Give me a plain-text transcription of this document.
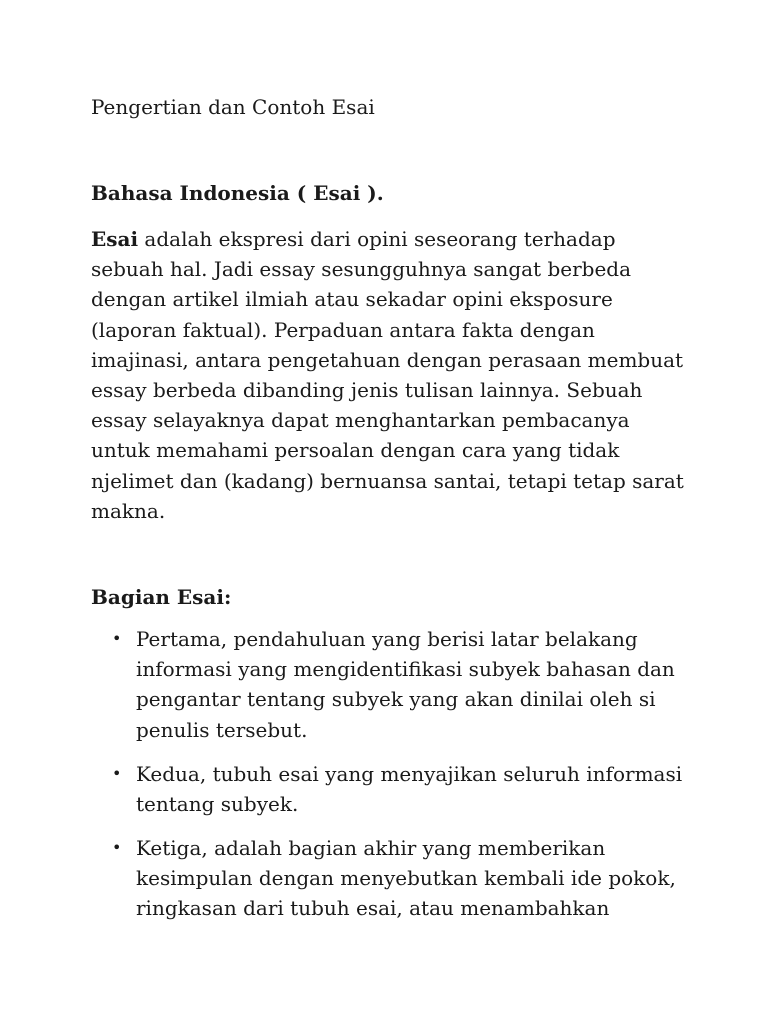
Pengertian dan Contoh Esai
Bahasa Indonesia ( Esai ).
Esai adalah ekspresi dari opini seseorang terhadap
sebuah hal. Jadi essay sesungguhnya sangat berbeda
dengan artikel ilmiah atau sekadar opini eksposure
(laporan faktual). Perpaduan antara fakta dengan
imajinasi, antara pengetahuan dengan perasaan membuat
essay berbeda dibanding jenis tulisan lainnya. Sebuah
essay selayaknya dapat menghantarkan pembacanya
untuk memahami persoalan dengan cara yang tidak
njelimet dan (kadang) bernuansa santai, tetapi tetap sarat
makna.
Bagian Esai:
• Pertama, pendahuluan yang berisi latar belakang
informasi yang mengidentifikasi subyek bahasan dan
pengantar tentang subyek yang akan dinilai oleh si
penulis tersebut.
• Kedua, tubuh esai yang menyajikan seluruh informasi
tentang subyek.
• Ketiga, adalah bagian akhir yang memberikan
kesimpulan dengan menyebutkan kembali ide pokok,
ringkasan dari tubuh esai, atau menambahkan
